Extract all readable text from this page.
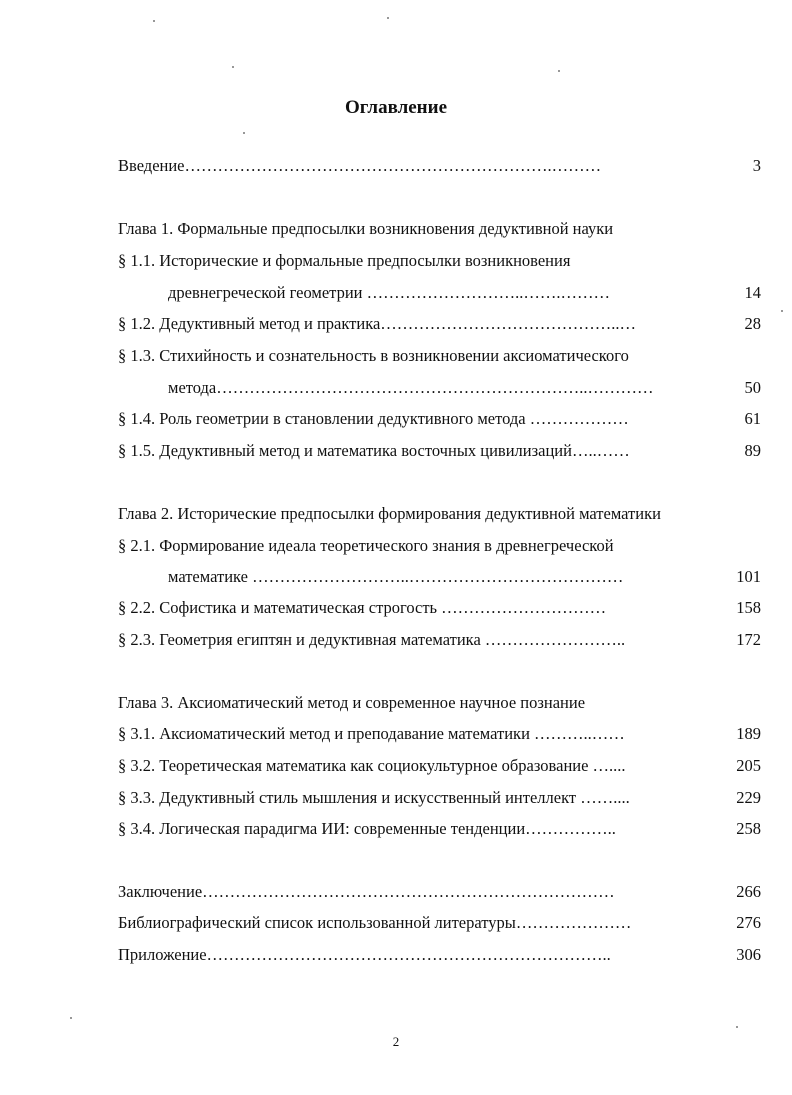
Оглавление
Введение………………………………………………………….………	3
Глава 1. Формальные предпосылки возникновения дедуктивной науки
§ 1.1. Исторические и формальные предпосылки возникновения
древнегреческой геометрии ………………………..…….………	14
§ 1.2. Дедуктивный метод и практика……………………………………..…	28
§ 1.3. Стихийность и сознательность в возникновении аксиоматического
метода…………………………………………………………..…………	50
§ 1.4. Роль геометрии в становлении дедуктивного метода ………………	61
§ 1.5. Дедуктивный метод и математика восточных цивилизаций…..……	89
Глава 2. Исторические предпосылки формирования дедуктивной математики
§ 2.1. Формирование идеала теоретического знания в древнегреческой
математике ………………………..…………………………………	101
§ 2.2. Софистика и математическая строгость …………………………	158
§ 2.3. Геометрия египтян и дедуктивная математика ……………………..	172
Глава 3. Аксиоматический метод и современное научное познание
§ 3.1. Аксиоматический метод и преподавание математики ………..……	189
§ 3.2. Теоретическая математика как социокультурное образование …....	205
§ 3.3. Дедуктивный стиль мышления и искусственный интеллект ……....	229
§ 3.4. Логическая парадигма ИИ: современные тенденции……………..	258
Заключение…………………………………………………………………	266
Библиографический список использованной литературы…………………	276
Приложение………………………………………………………………..	306
2
